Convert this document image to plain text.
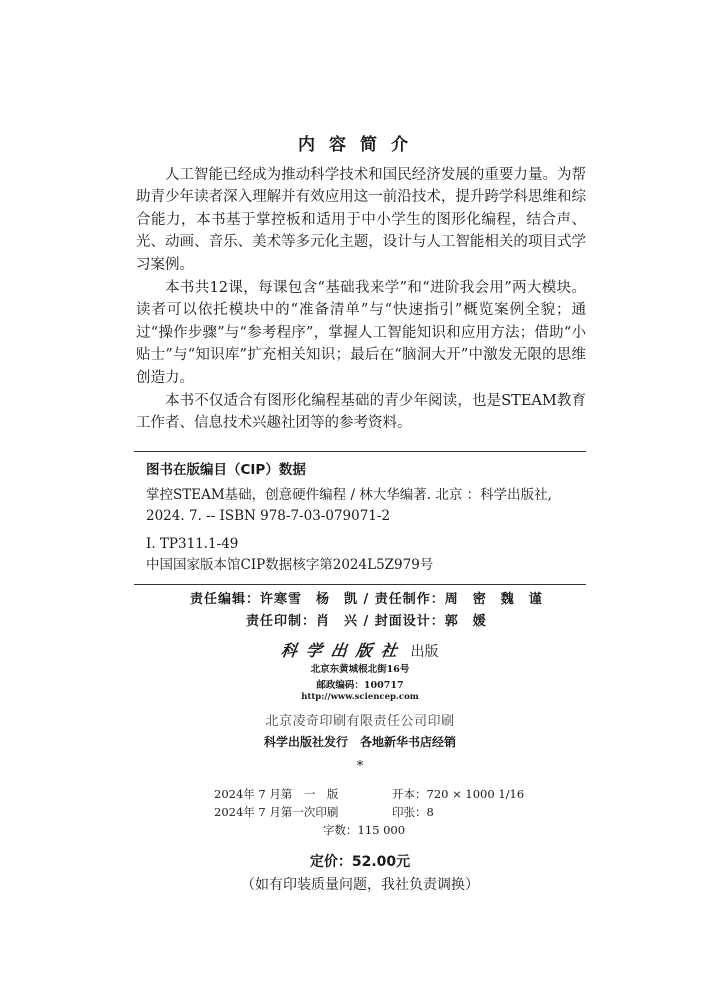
内容简介

人工智能已经成为推动科学技术和国民经济发展的重要力量。为帮助青少年读者深入理解并有效应用这一前沿技术，提升跨学科思维和综合能力，本书基于掌控板和适用于中小学生的图形化编程，结合声、光、动画、音乐、美术等多元化主题，设计与人工智能相关的项目式学习案例。

本书共12课，每课包含“基础我来学”和“进阶我会用”两大模块。读者可以依托模块中的“准备清单”与“快速指引”概览案例全貌；通过“操作步骤”与“参考程序”，掌握人工智能知识和应用方法；借助“小贴士”与“知识库”扩充相关知识；最后在“脑洞大开”中激发无限的思维创造力。

本书不仅适合有图形化编程基础的青少年阅读，也是STEAM教育工作者、信息技术兴趣社团等的参考资料。

图书在版编目（CIP）数据
掌控STEAM基础，创意硬件编程 / 林大华编著. 北京 ：科学出版社,
2024. 7. -- ISBN 978-7-03-079071-2
Ⅰ. TP311.1-49
中国国家版本馆CIP数据核字第2024L5Z979号
责任编辑：许寒雪　杨　凯 / 责任制作：周　密　魏　谨
责任印制：肖　兴 / 封面设计：郭　媛
科学出版社 出版
北京东黄城根北街16号
邮政编码：100717
http://www.sciencep.com
北京凌奇印刷有限责任公司印刷
科学出版社发行　各地新华书店经销
*
2024年 7 月第　一　版
2024年 7 月第一次印刷
开本：720 × 1000 1/16
印张：8
字数：115 000
定价：52.00元
（如有印装质量问题，我社负责调换）
